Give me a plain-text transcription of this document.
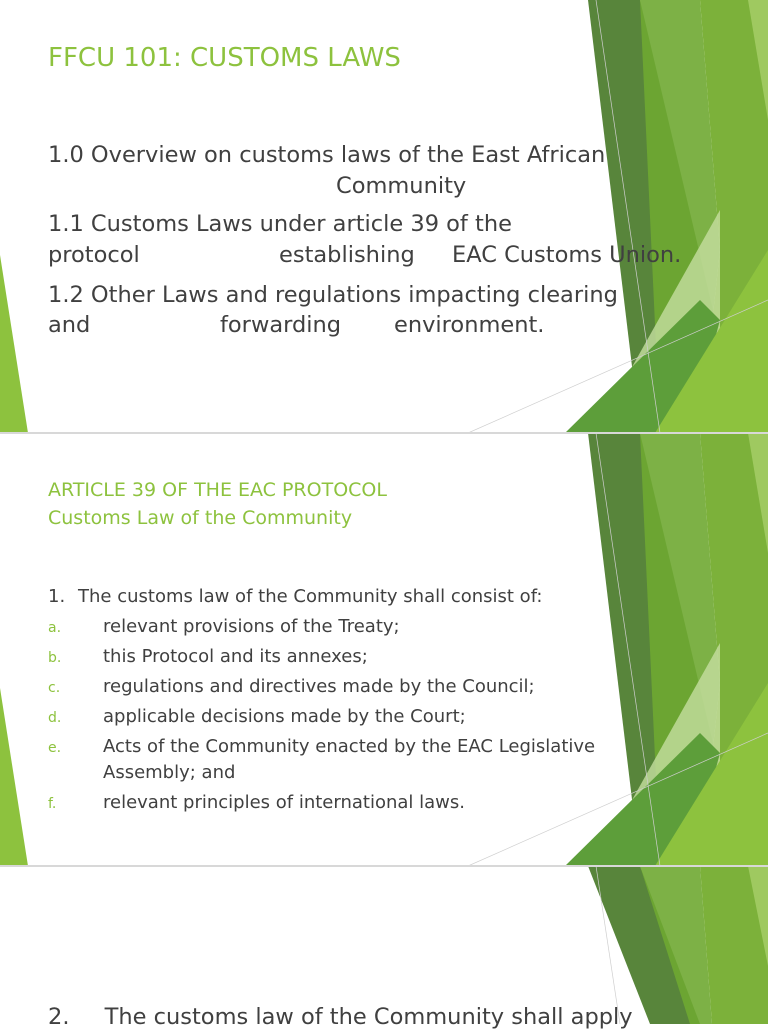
FFCU 101: CUSTOMS LAWS
1.0 Overview on customs laws of the East African
Community
1.1 Customs Laws under article 39 of the
protocol	establishing EAC Customs Union.
1.2 Other Laws and regulations impacting clearing
and	forwarding environment.
ARTICLE 39 OF THE EAC PROTOCOL
Customs Law of the Community
1. The customs law of the Community shall consist of:
a. relevant provisions of the Treaty;
b. this Protocol and its annexes;
c. regulations and directives made by the Council;
d. applicable decisions made by the Court;
e. Acts of the Community enacted by the EAC Legislative
Assembly; and
f.	relevant principles of international laws.
2. The customs law of the Community shall apply
